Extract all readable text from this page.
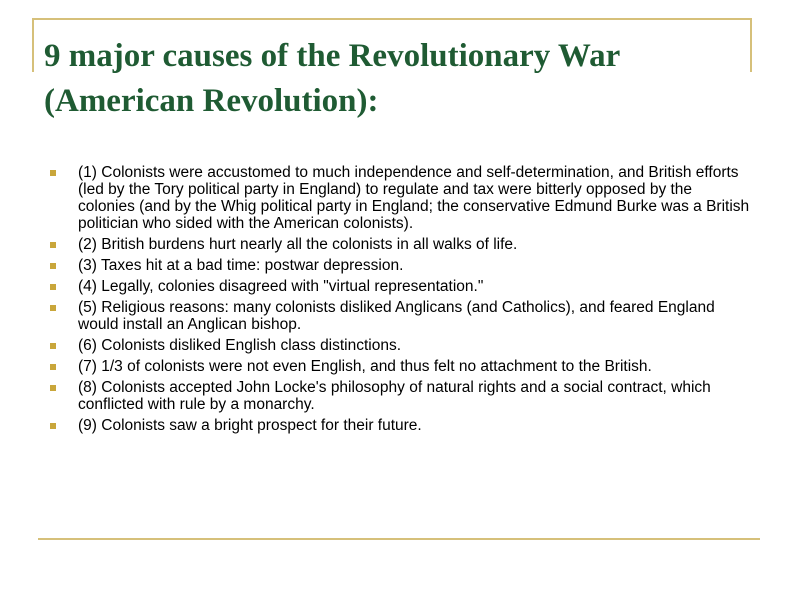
9 major causes of the Revolutionary War (American Revolution):
(1) Colonists were accustomed to much independence and self-determination, and British efforts (led by the Tory political party in England) to regulate and tax were bitterly opposed by the colonies (and by the Whig political party in England; the conservative Edmund Burke was a British politician who sided with the American colonists).
(2) British burdens hurt nearly all the colonists in all walks of life.
(3) Taxes hit at a bad time: postwar depression.
(4) Legally, colonies disagreed with "virtual representation."
(5) Religious reasons: many colonists disliked Anglicans (and Catholics), and feared England would install an Anglican bishop.
(6) Colonists disliked English class distinctions.
(7) 1/3 of colonists were not even English, and thus felt no attachment to the British.
(8) Colonists accepted John Locke's philosophy of natural rights and a social contract, which conflicted with rule by a monarchy.
(9) Colonists saw a bright prospect for their future.
